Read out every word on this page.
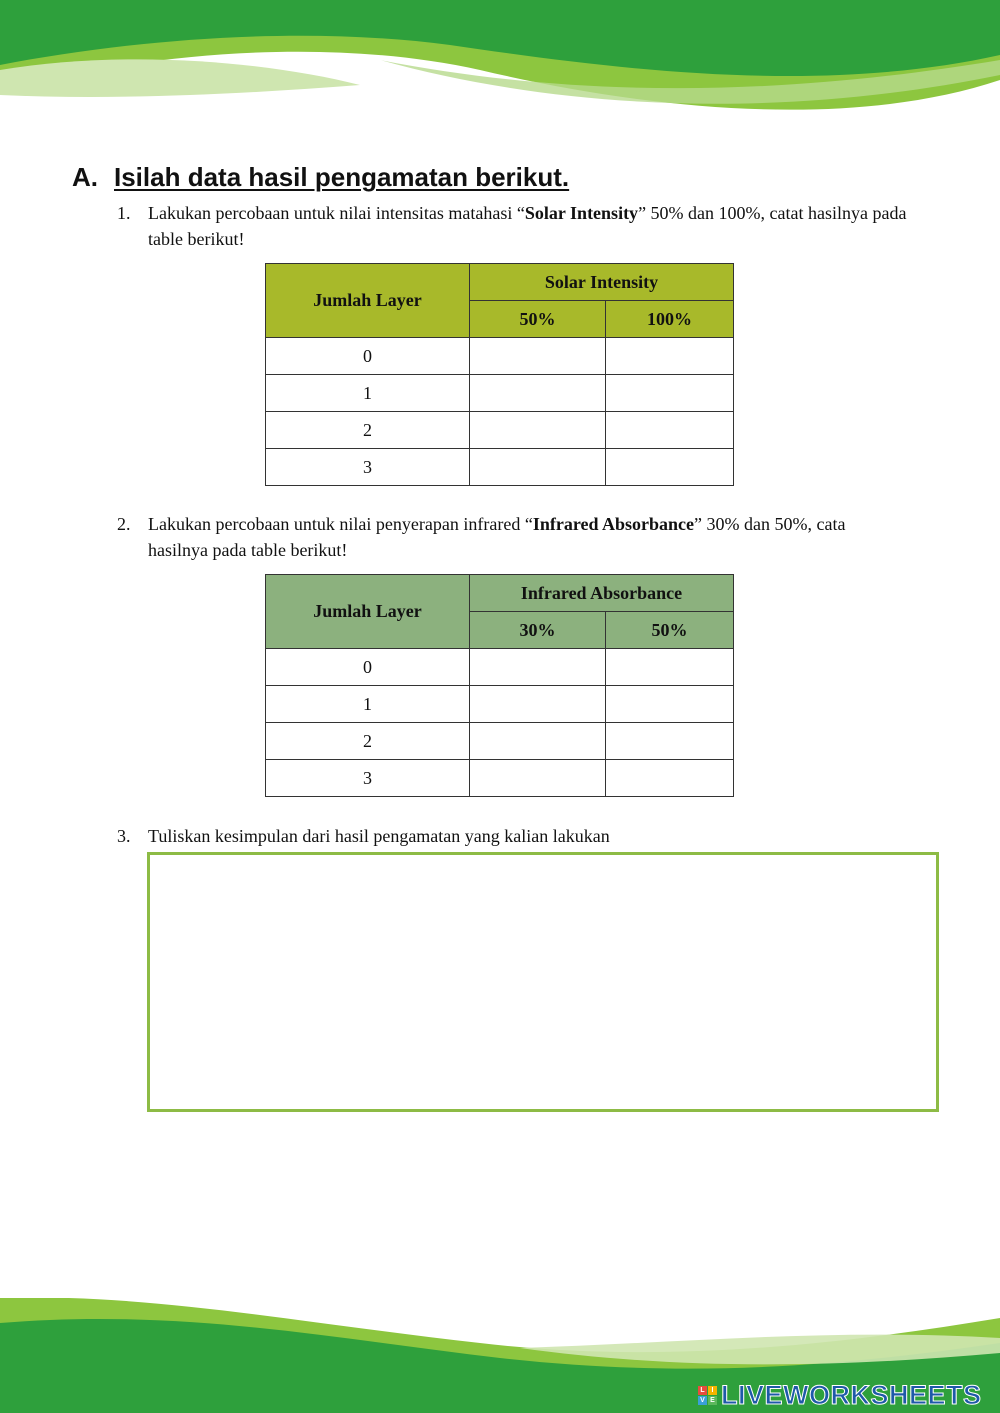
A. Isilah data hasil pengamatan berikut.
1. Lakukan percobaan untuk nilai intensitas matahasi “Solar Intensity” 50% dan 100%, catat hasilnya pada table berikut!
Jumlah Layer	Solar Intensity	
	50%	100%
0		
1		
2		
3		
2. Lakukan percobaan untuk nilai penyerapan infrared “Infrared Absorbance” 30% dan 50%, cata hasilnya pada table berikut!
Jumlah Layer	Infrared Absorbance	
	30%	50%
0		
1		
2		
3		
3. Tuliskan kesimpulan dari hasil pengamatan yang kalian lakukan
L I
V E LIVEWORKSHEETS
